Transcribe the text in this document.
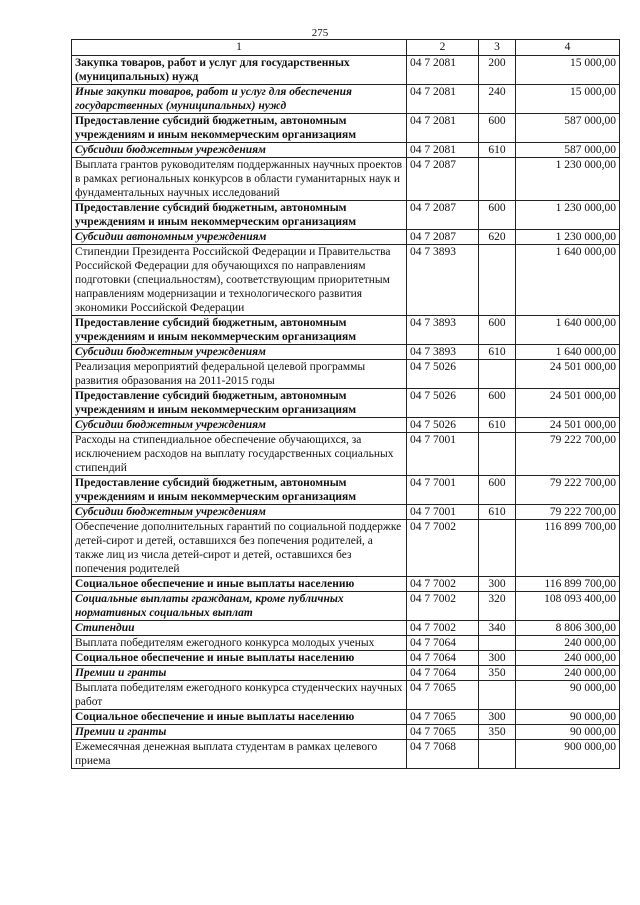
275
1	2	3	4
Закупка товаров, работ и услуг для государственных (муниципальных) нужд	04 7 2081	200	15 000,00
Иные закупки товаров, работ и услуг для обеспечения государственных (муниципальных) нужд	04 7 2081	240	15 000,00
Предоставление субсидий бюджетным, автономным учреждениям и иным некоммерческим организациям	04 7 2081	600	587 000,00
Субсидии бюджетным учреждениям	04 7 2081	610	587 000,00
Выплата грантов руководителям поддержанных научных проектов в рамках региональных конкурсов в области гуманитарных наук и фундаментальных научных исследований	04 7 2087		1 230 000,00
Предоставление субсидий бюджетным, автономным учреждениям и иным некоммерческим организациям	04 7 2087	600	1 230 000,00
Субсидии автономным учреждениям	04 7 2087	620	1 230 000,00
Стипендии Президента Российской Федерации и Правительства Российской Федерации для обучающихся по направлениям подготовки (специальностям), соответствующим приоритетным направлениям модернизации и технологического развития экономики Российской Федерации	04 7 3893		1 640 000,00
Предоставление субсидий бюджетным, автономным учреждениям и иным некоммерческим организациям	04 7 3893	600	1 640 000,00
Субсидии бюджетным учреждениям	04 7 3893	610	1 640 000,00
Реализация мероприятий федеральной целевой программы развития образования на 2011-2015 годы	04 7 5026		24 501 000,00
Предоставление субсидий бюджетным, автономным учреждениям и иным некоммерческим организациям	04 7 5026	600	24 501 000,00
Субсидии бюджетным учреждениям	04 7 5026	610	24 501 000,00
Расходы на стипендиальное обеспечение обучающихся, за исключением расходов на выплату государственных социальных стипендий	04 7 7001		79 222 700,00
Предоставление субсидий бюджетным, автономным учреждениям и иным некоммерческим организациям	04 7 7001	600	79 222 700,00
Субсидии бюджетным учреждениям	04 7 7001	610	79 222 700,00
Обеспечение дополнительных гарантий по социальной поддержке детей-сирот и детей, оставшихся без попечения родителей, а также лиц из числа детей-сирот и детей, оставшихся без попечения родителей	04 7 7002		116 899 700,00
Социальное обеспечение и иные выплаты населению	04 7 7002	300	116 899 700,00
Социальные выплаты гражданам, кроме публичных нормативных социальных выплат	04 7 7002	320	108 093 400,00
Стипендии	04 7 7002	340	8 806 300,00
Выплата победителям ежегодного конкурса молодых ученых	04 7 7064		240 000,00
Социальное обеспечение и иные выплаты населению	04 7 7064	300	240 000,00
Премии и гранты	04 7 7064	350	240 000,00
Выплата победителям ежегодного конкурса студенческих научных работ	04 7 7065		90 000,00
Социальное обеспечение и иные выплаты населению	04 7 7065	300	90 000,00
Премии и гранты	04 7 7065	350	90 000,00
Ежемесячная денежная выплата студентам в рамках целевого приема	04 7 7068		900 000,00
